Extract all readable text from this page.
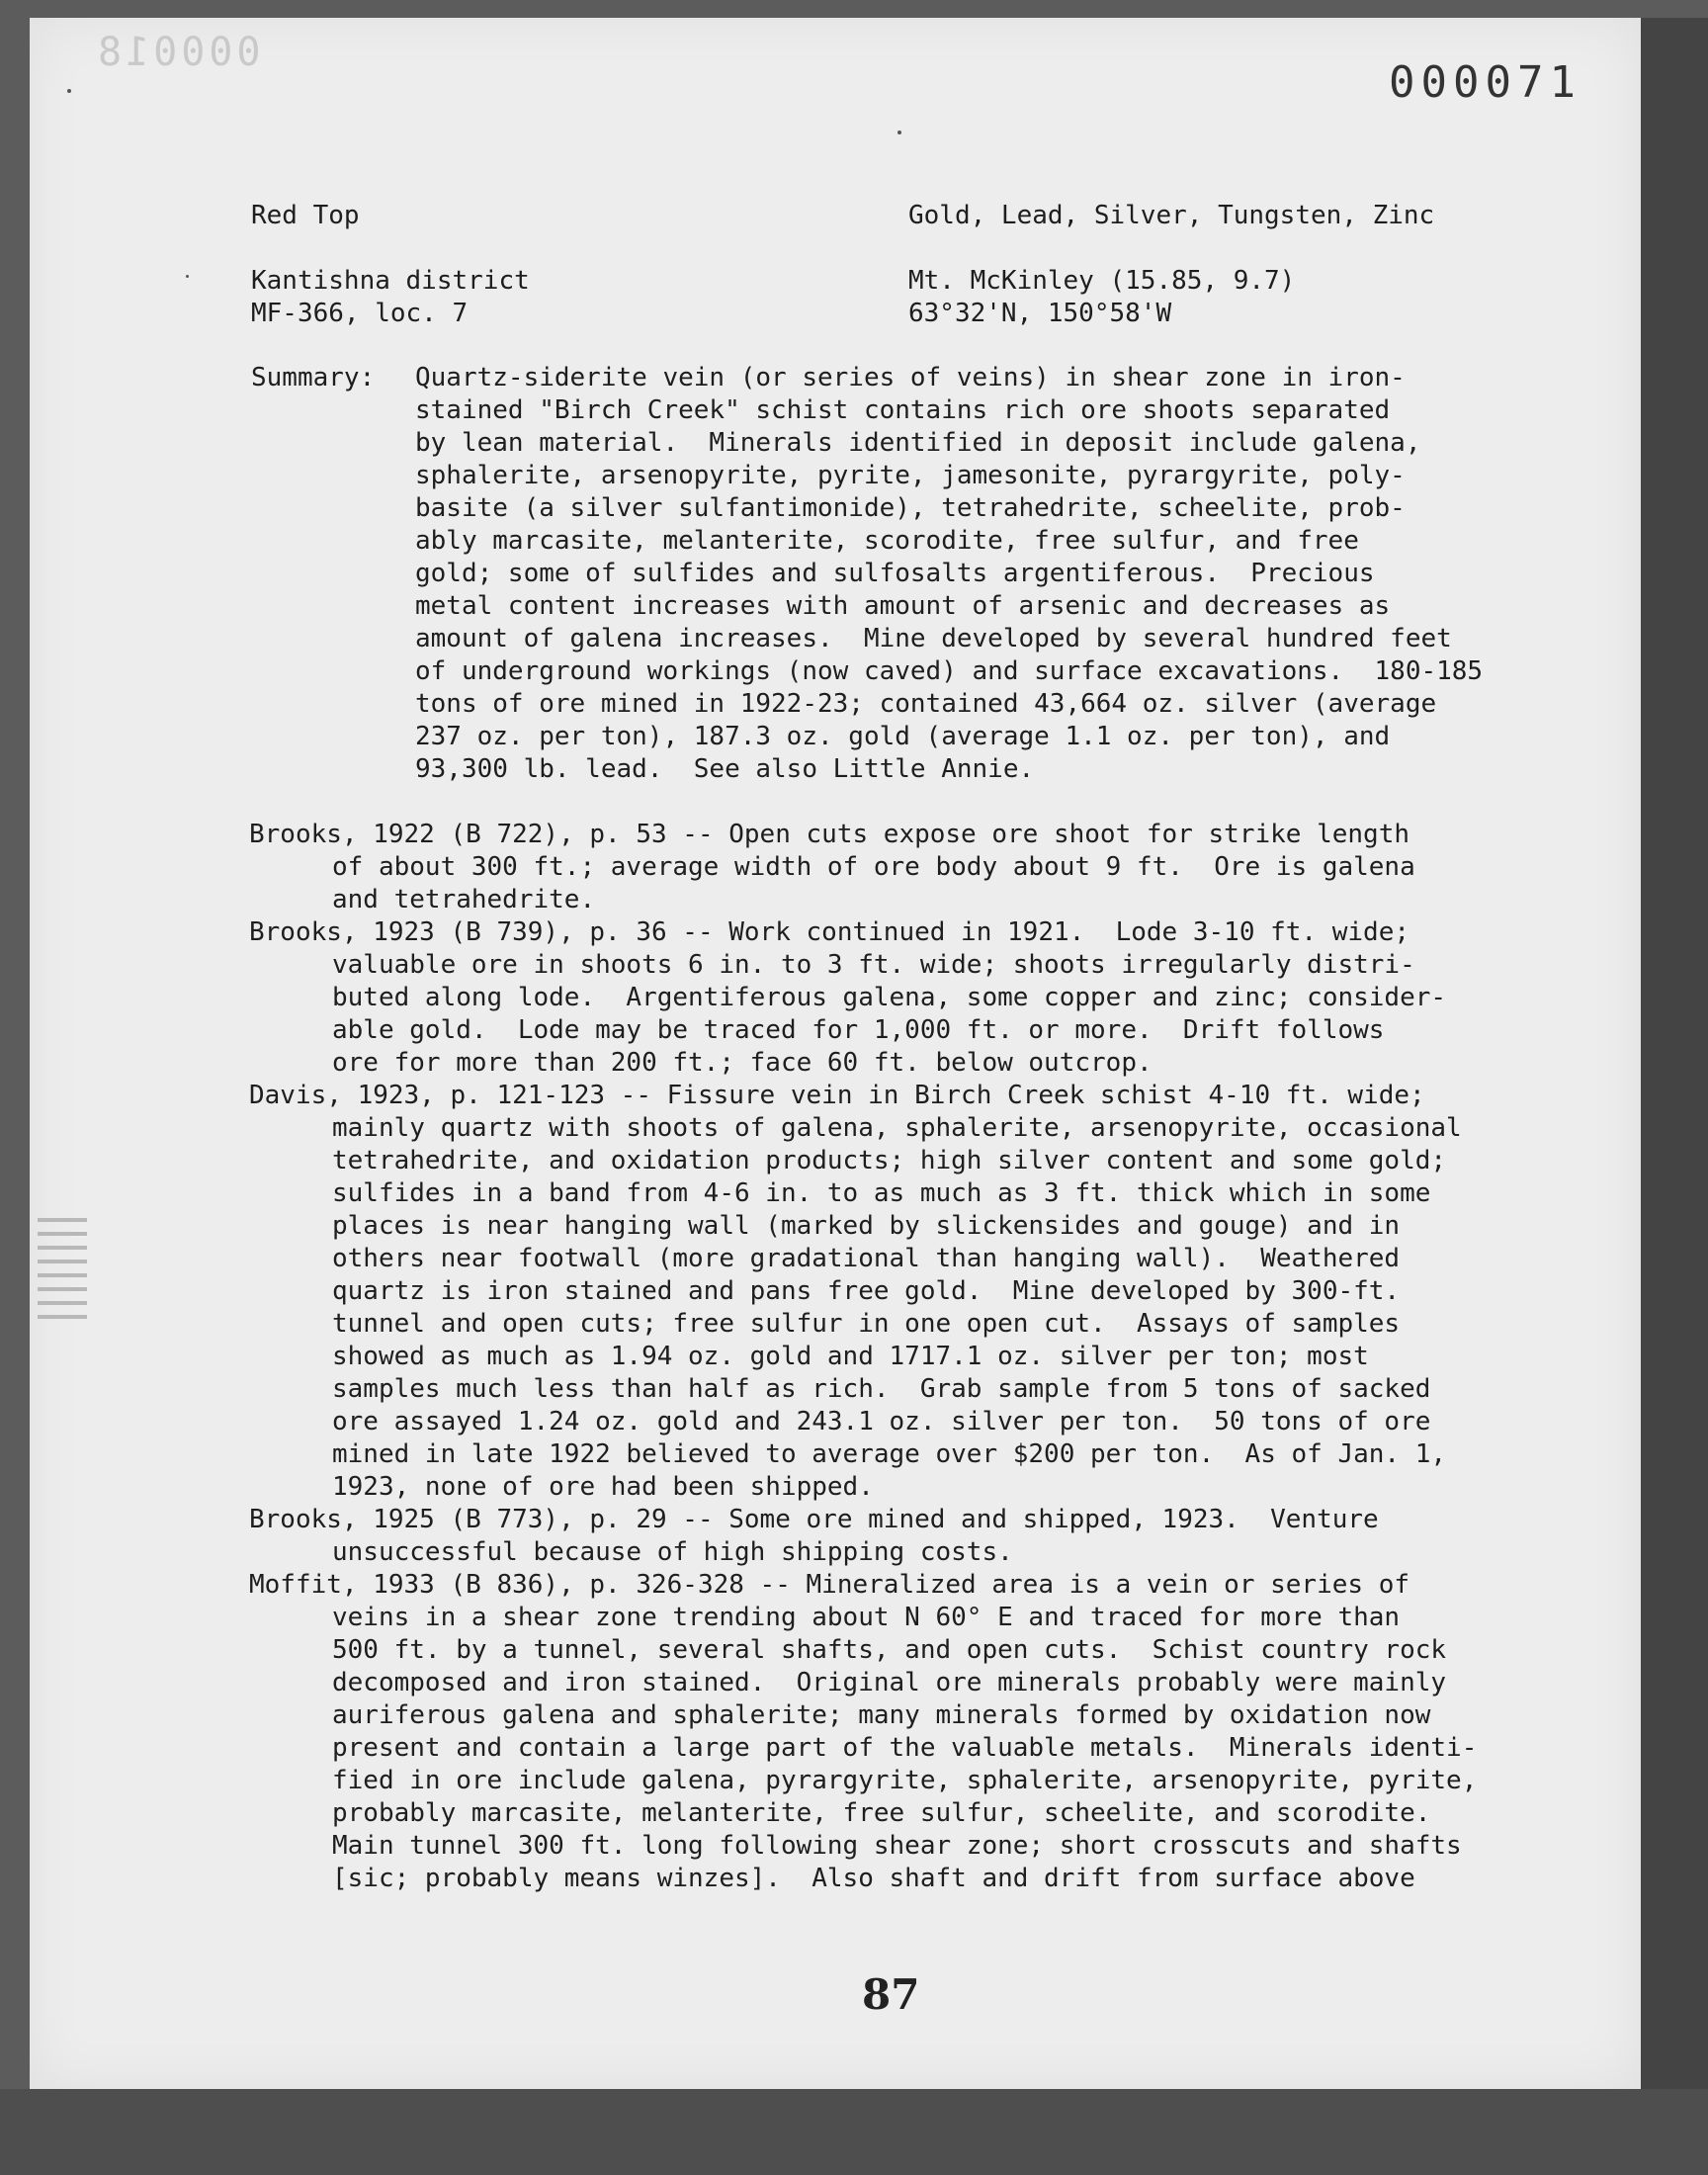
000018
000071
Red Top	Gold, Lead, Silver, Tungsten, Zinc
Kantishna district	Mt. McKinley (15.85, 9.7)
MF-366, loc. 7	63°32'N, 150°58'W
Summary: Quartz-siderite vein (or series of veins) in shear zone in iron-
stained "Birch Creek" schist contains rich ore shoots separated
by lean material.  Minerals identified in deposit include galena,
sphalerite, arsenopyrite, pyrite, jamesonite, pyrargyrite, poly-
basite (a silver sulfantimonide), tetrahedrite, scheelite, prob-
ably marcasite, melanterite, scorodite, free sulfur, and free
gold; some of sulfides and sulfosalts argentiferous.  Precious
metal content increases with amount of arsenic and decreases as
amount of galena increases.  Mine developed by several hundred feet
of underground workings (now caved) and surface excavations.  180-185
tons of ore mined in 1922-23; contained 43,664 oz. silver (average
237 oz. per ton), 187.3 oz. gold (average 1.1 oz. per ton), and
93,300 lb. lead.  See also Little Annie.
Brooks, 1922 (B 722), p. 53 -- Open cuts expose ore shoot for strike length
of about 300 ft.; average width of ore body about 9 ft.  Ore is galena
and tetrahedrite.
Brooks, 1923 (B 739), p. 36 -- Work continued in 1921.  Lode 3-10 ft. wide;
valuable ore in shoots 6 in. to 3 ft. wide; shoots irregularly distri-
buted along lode.  Argentiferous galena, some copper and zinc; consider-
able gold.  Lode may be traced for 1,000 ft. or more.  Drift follows
ore for more than 200 ft.; face 60 ft. below outcrop.
Davis, 1923, p. 121-123 -- Fissure vein in Birch Creek schist 4-10 ft. wide;
mainly quartz with shoots of galena, sphalerite, arsenopyrite, occasional
tetrahedrite, and oxidation products; high silver content and some gold;
sulfides in a band from 4-6 in. to as much as 3 ft. thick which in some
places is near hanging wall (marked by slickensides and gouge) and in
others near footwall (more gradational than hanging wall).  Weathered
quartz is iron stained and pans free gold.  Mine developed by 300-ft.
tunnel and open cuts; free sulfur in one open cut.  Assays of samples
showed as much as 1.94 oz. gold and 1717.1 oz. silver per ton; most
samples much less than half as rich.  Grab sample from 5 tons of sacked
ore assayed 1.24 oz. gold and 243.1 oz. silver per ton.  50 tons of ore
mined in late 1922 believed to average over $200 per ton.  As of Jan. 1,
1923, none of ore had been shipped.
Brooks, 1925 (B 773), p. 29 -- Some ore mined and shipped, 1923.  Venture
unsuccessful because of high shipping costs.
Moffit, 1933 (B 836), p. 326-328 -- Mineralized area is a vein or series of
veins in a shear zone trending about N 60° E and traced for more than
500 ft. by a tunnel, several shafts, and open cuts.  Schist country rock
decomposed and iron stained.  Original ore minerals probably were mainly
auriferous galena and sphalerite; many minerals formed by oxidation now
present and contain a large part of the valuable metals.  Minerals identi-
fied in ore include galena, pyrargyrite, sphalerite, arsenopyrite, pyrite,
probably marcasite, melanterite, free sulfur, scheelite, and scorodite.
Main tunnel 300 ft. long following shear zone; short crosscuts and shafts
[sic; probably means winzes].  Also shaft and drift from surface above
87
